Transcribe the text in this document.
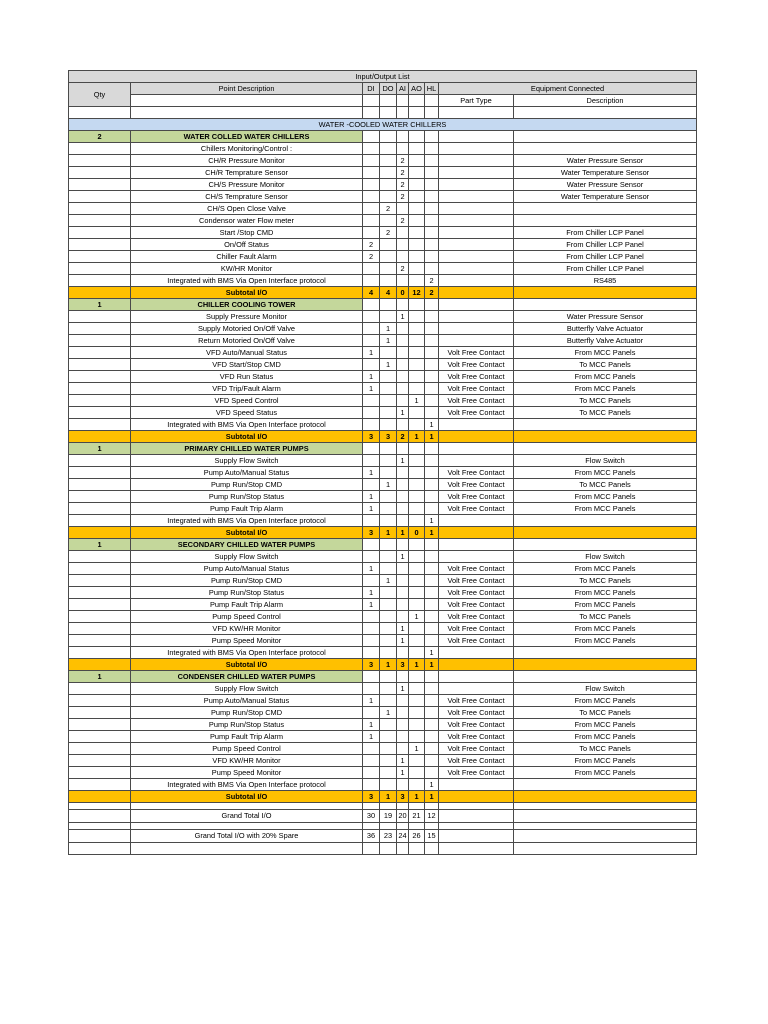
Input/Output List								
Qty	Point Description	DI	DO	AI	AO	HL	Equipment Connected	
							Part Type	Description

WATER -COOLED WATER CHILLERS								
2	WATER COLLED WATER CHILLERS							
	Chillers Monitoring/Control :							
	CH/R Pressure Monitor			2				Water Pressure Sensor
	CH/R Temprature Sensor			2				Water Temperature Sensor
	CH/S Pressure Monitor			2				Water Pressure Sensor
	CH/S Temprature Sensor			2				Water Temperature Sensor
	CH/S Open Close Valve		2					
	Condensor water Flow meter			2				
	Start /Stop CMD		2					From Chiller LCP Panel
	On/Off Status	2						From Chiller LCP Panel
	Chiller Fault Alarm	2						From Chiller LCP Panel
	KW/HR Monitor			2				From Chiller LCP Panel
	Integrated with BMS Via Open Interface protocol					2		RS485
	Subtotal I/O	4	4	0	12	2		
1	CHILLER COOLING TOWER							
	Supply Pressure Monitor			1				Water Pressure Sensor
	Supply Motoried On/Off Valve		1					Butterfly Valve Actuator
	Return Motoried On/Off Valve		1					Butterfly Valve Actuator
	VFD Auto/Manual Status	1					Volt Free Contact	From MCC Panels
	VFD Start/Stop CMD		1				Volt Free Contact	To MCC Panels
	VFD Run Status	1					Volt Free Contact	From MCC Panels
	VFD Trip/Fault Alarm	1					Volt Free Contact	From MCC Panels
	VFD Speed Control				1		Volt Free Contact	To MCC Panels
	VFD Speed Status			1			Volt Free Contact	To MCC Panels
	Integrated with BMS Via Open Interface protocol					1		
	Subtotal I/O	3	3	2	1	1		
1	PRIMARY CHILLED WATER PUMPS							
	Supply Flow Switch			1				Flow Switch
	Pump Auto/Manual Status	1					Volt Free Contact	From MCC Panels
	Pump Run/Stop CMD		1				Volt Free Contact	To MCC Panels
	Pump Run/Stop Status	1					Volt Free Contact	From MCC Panels
	Pump Fault Trip Alarm	1					Volt Free Contact	From MCC Panels
	Integrated with BMS Via Open Interface protocol					1		
	Subtotal I/O	3	1	1	0	1		
1	SECONDARY CHILLED WATER PUMPS							
	Supply Flow Switch			1				Flow Switch
	Pump Auto/Manual Status	1					Volt Free Contact	From MCC Panels
	Pump Run/Stop CMD		1				Volt Free Contact	To MCC Panels
	Pump Run/Stop Status	1					Volt Free Contact	From MCC Panels
	Pump Fault Trip Alarm	1					Volt Free Contact	From MCC Panels
	Pump Speed Control				1		Volt Free Contact	To MCC Panels
	VFD KW/HR Monitor			1			Volt Free Contact	From MCC Panels
	Pump Speed Monitor			1			Volt Free Contact	From MCC Panels
	Integrated with BMS Via Open Interface protocol					1		
	Subtotal I/O	3	1	3	1	1		
1	CONDENSER CHILLED WATER PUMPS							
	Supply Flow Switch			1				Flow Switch
	Pump Auto/Manual Status	1					Volt Free Contact	From MCC Panels
	Pump Run/Stop CMD		1				Volt Free Contact	To MCC Panels
	Pump Run/Stop Status	1					Volt Free Contact	From MCC Panels
	Pump Fault Trip Alarm	1					Volt Free Contact	From MCC Panels
	Pump Speed Control				1		Volt Free Contact	To MCC Panels
	VFD KW/HR Monitor			1			Volt Free Contact	From MCC Panels
	Pump Speed Monitor			1			Volt Free Contact	From MCC Panels
	Integrated with BMS Via Open Interface protocol					1		
	Subtotal I/O	3	1	3	1	1		

	Grand Total I/O	30	19	20	21	12		

	Grand Total I/O with 20% Spare	36	23	24	26	15		
